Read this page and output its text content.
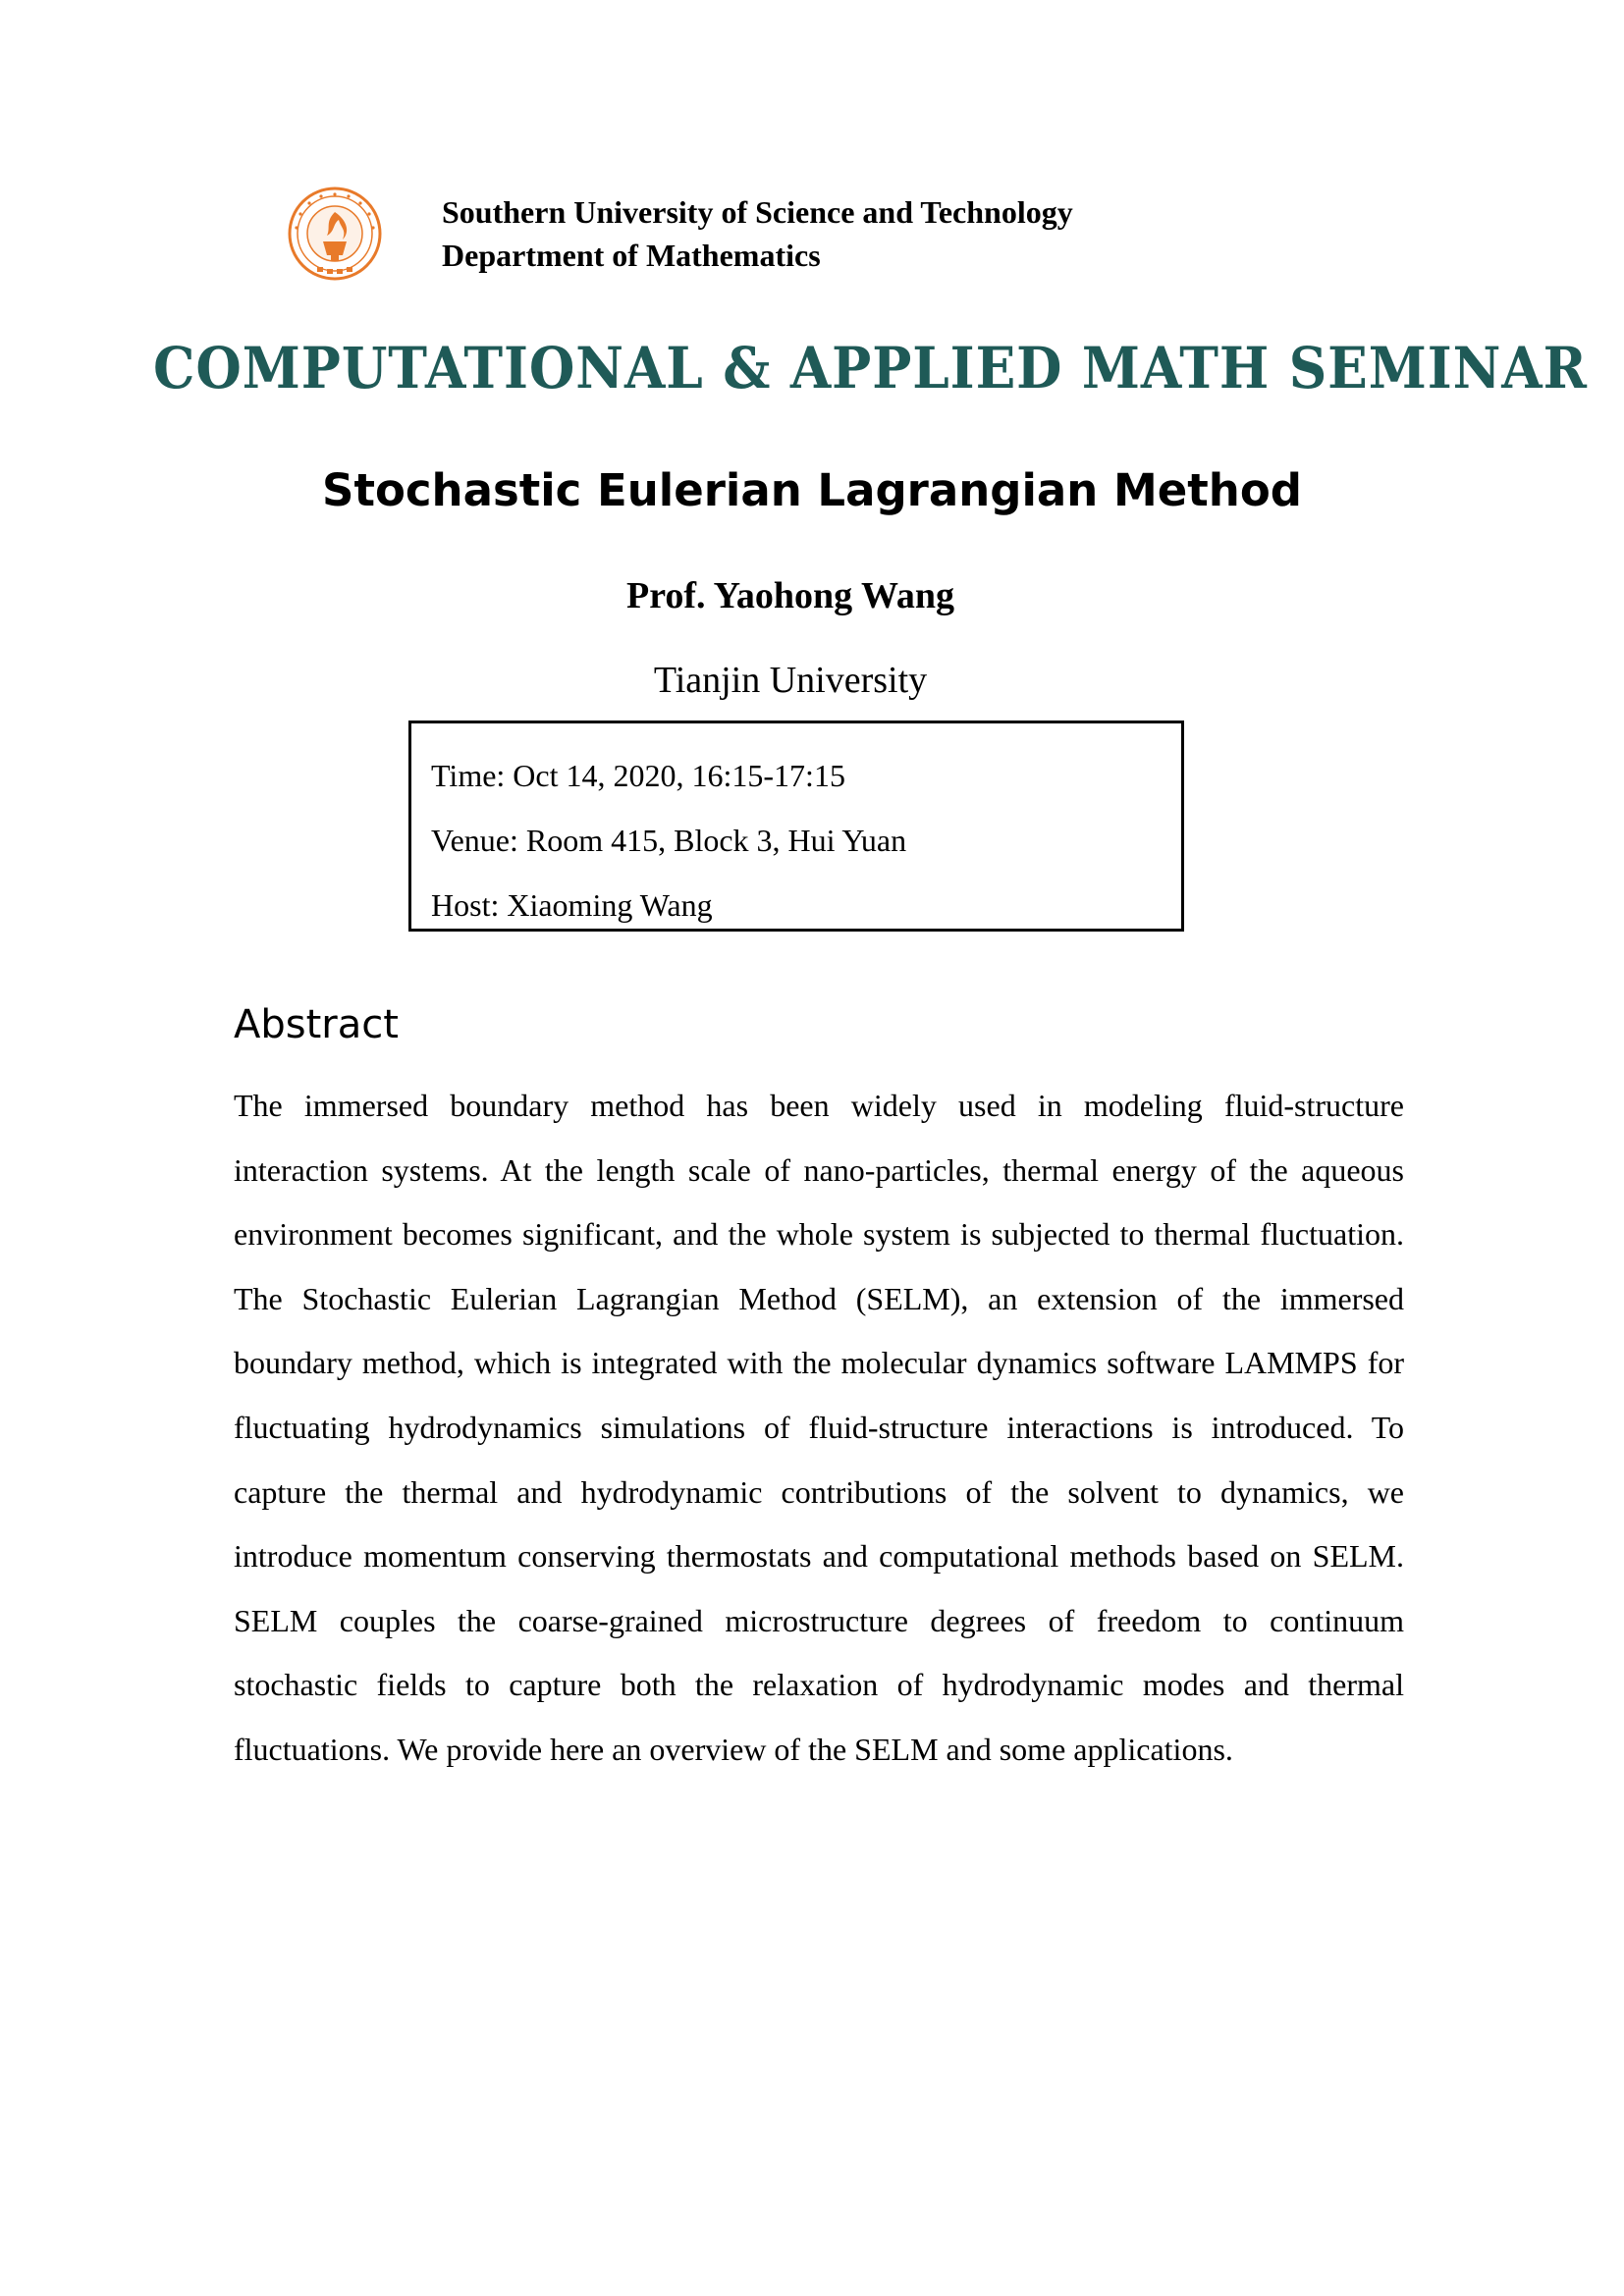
Southern University of Science and Technology
Department of Mathematics
COMPUTATIONAL & APPLIED MATH SEMINAR
Stochastic Eulerian Lagrangian Method
Prof. Yaohong Wang
Tianjin University
Time: Oct 14, 2020, 16:15-17:15
Venue: Room 415, Block 3, Hui Yuan
Host: Xiaoming Wang
Abstract
The immersed boundary method has been widely used in modeling fluid-structure interaction systems. At the length scale of nano-particles, thermal energy of the aqueous environment becomes significant, and the whole system is subjected to thermal fluctuation. The Stochastic Eulerian Lagrangian Method (SELM), an extension of the immersed boundary method, which is integrated with the molecular dynamics software LAMMPS for fluctuating hydrodynamics simulations of fluid-structure interactions is introduced. To capture the thermal and hydrodynamic contributions of the solvent to dynamics, we introduce momentum conserving thermostats and computational methods based on SELM. SELM couples the coarse-grained microstructure degrees of freedom to continuum stochastic fields to capture both the relaxation of hydrodynamic modes and thermal fluctuations. We provide here an overview of the SELM and some applications.
